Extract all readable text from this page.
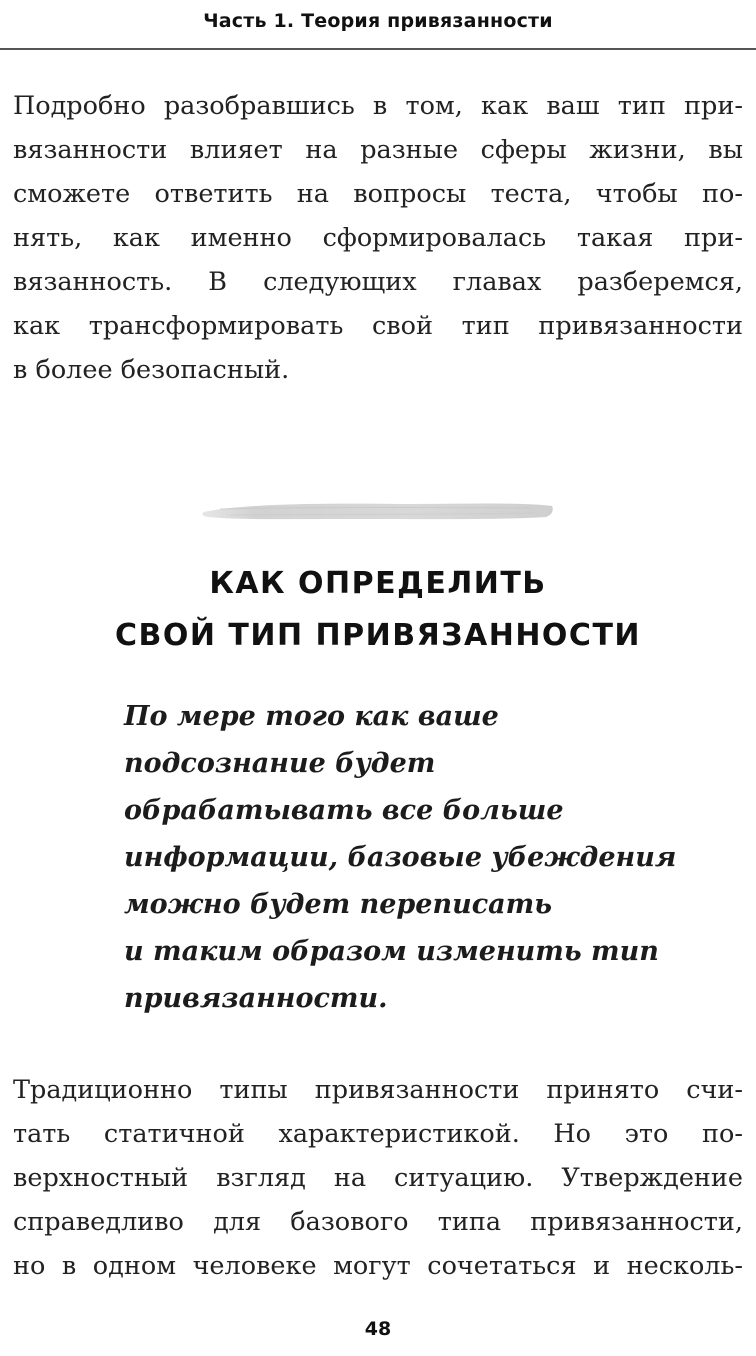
Часть 1. Теория привязанности
Подробно разобравшись в том, как ваш тип при-
вязанности влияет на разные сферы жизни, вы
сможете ответить на вопросы теста, чтобы по-
нять, как именно сформировалась такая при-
вязанность. В следующих главах разберемся,
как трансформировать свой тип привязанности
в более безопасный.
КАК ОПРЕДЕЛИТЬ
СВОЙ ТИП ПРИВЯЗАННОСТИ
По мере того как ваше
подсознание будет
обрабатывать все больше
информации, базовые убеждения
можно будет переписать
и таким образом изменить тип
привязанности.
Традиционно типы привязанности принято счи-
тать статичной характеристикой. Но это по-
верхностный взгляд на ситуацию. Утверждение
справедливо для базового типа привязанности,
но в одном человеке могут сочетаться и несколь-
48
